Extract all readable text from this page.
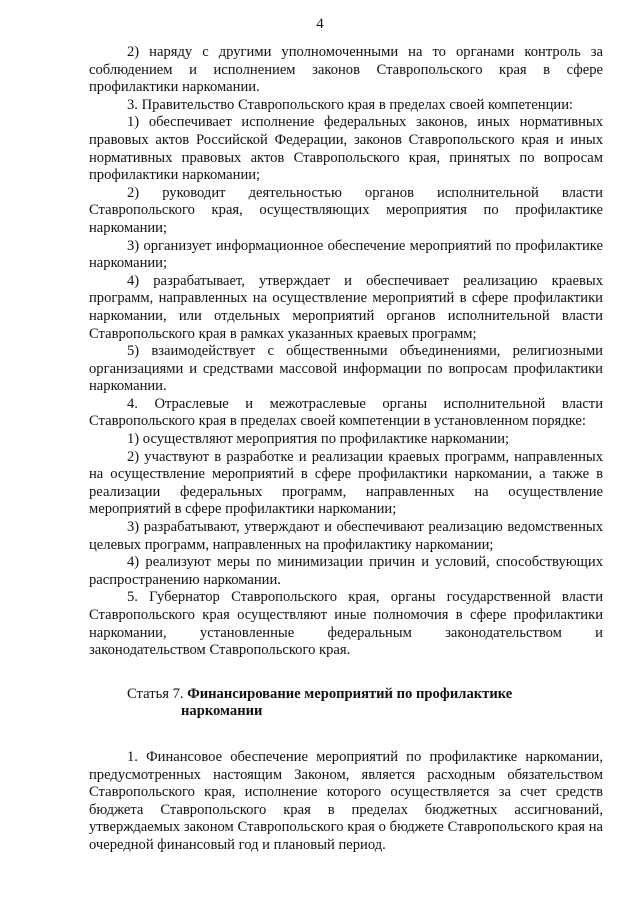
4

2) наряду с другими уполномоченными на то органами контроль за соблюдением и исполнением законов Ставропольского края в сфере профилактики наркомании.

3. Правительство Ставропольского края в пределах своей компетенции:

1) обеспечивает исполнение федеральных законов, иных нормативных правовых актов Российской Федерации, законов Ставропольского края и иных нормативных правовых актов Ставропольского края, принятых по вопросам профилактики наркомании;

2) руководит деятельностью органов исполнительной власти Ставропольского края, осуществляющих мероприятия по профилактике наркомании;

3) организует информационное обеспечение мероприятий по профилактике наркомании;

4) разрабатывает, утверждает и обеспечивает реализацию краевых программ, направленных на осуществление мероприятий в сфере профилактики наркомании, или отдельных мероприятий органов исполнительной власти Ставропольского края в рамках указанных краевых программ;

5) взаимодействует с общественными объединениями, религиозными организациями и средствами массовой информации по вопросам профилактики наркомании.

4. Отраслевые и межотраслевые органы исполнительной власти Ставропольского края в пределах своей компетенции в установленном порядке:

1) осуществляют мероприятия по профилактике наркомании;

2) участвуют в разработке и реализации краевых программ, направленных на осуществление мероприятий в сфере профилактики наркомании, а также в реализации федеральных программ, направленных на осуществление мероприятий в сфере профилактики наркомании;

3) разрабатывают, утверждают и обеспечивают реализацию ведомственных целевых программ, направленных на профилактику наркомании;

4) реализуют меры по минимизации причин и условий, способствующих распространению наркомании.

5. Губернатор Ставропольского края, органы государственной власти Ставропольского края осуществляют иные полномочия в сфере профилактики наркомании, установленные федеральным законодательством и законодательством Ставропольского края.

Статья 7. Финансирование мероприятий по профилактике
наркомании

1. Финансовое обеспечение мероприятий по профилактике наркомании, предусмотренных настоящим Законом, является расходным обязательством Ставропольского края, исполнение которого осуществляется за счет средств бюджета Ставропольского края в пределах бюджетных ассигнований, утверждаемых законом Ставропольского края о бюджете Ставропольского края на очередной финансовый год и плановый период.
